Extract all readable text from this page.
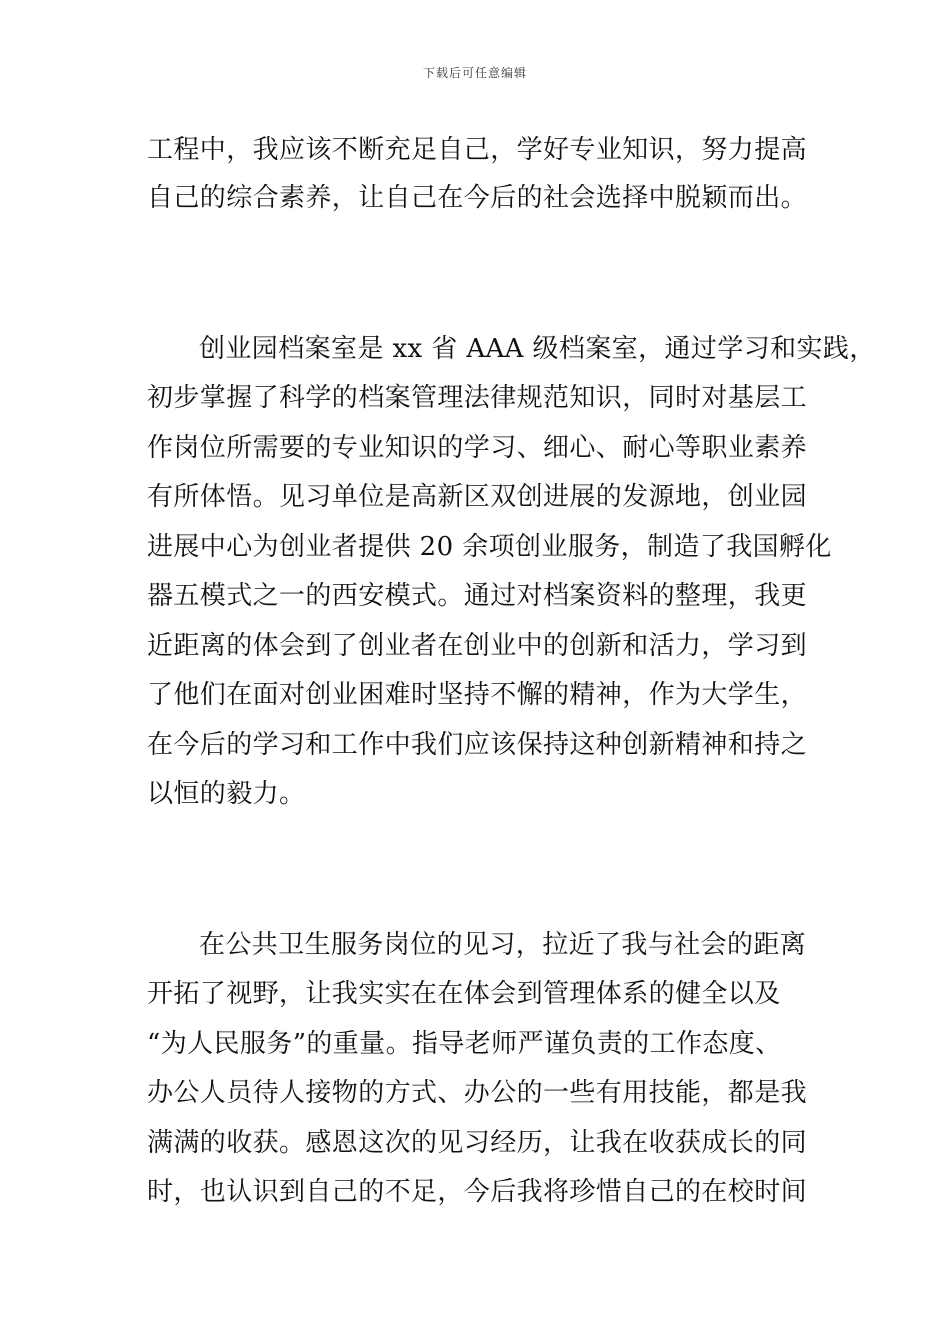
下载后可任意编辑

工程中，我应该不断充足自己，学好专业知识，努力提高

自己的综合素养，让自己在今后的社会选择中脱颖而出。

创业园档案室是 xx 省 AAA 级档案室，通过学习和实践，

初步掌握了科学的档案管理法律规范知识，同时对基层工

作岗位所需要的专业知识的学习、细心、耐心等职业素养

有所体悟。见习单位是高新区双创进展的发源地，创业园

进展中心为创业者提供 20 余项创业服务，制造了我国孵化

器五模式之一的西安模式。通过对档案资料的整理，我更

近距离的体会到了创业者在创业中的创新和活力，学习到

了他们在面对创业困难时坚持不懈的精神，作为大学生，

在今后的学习和工作中我们应该保持这种创新精神和持之

以恒的毅力。

在公共卫生服务岗位的见习，拉近了我与社会的距离

开拓了视野，让我实实在在体会到管理体系的健全以及

“为人民服务”的重量。指导老师严谨负责的工作态度、

办公人员待人接物的方式、办公的一些有用技能，都是我

满满的收获。感恩这次的见习经历，让我在收获成长的同

时，也认识到自己的不足，今后我将珍惜自己的在校时间
